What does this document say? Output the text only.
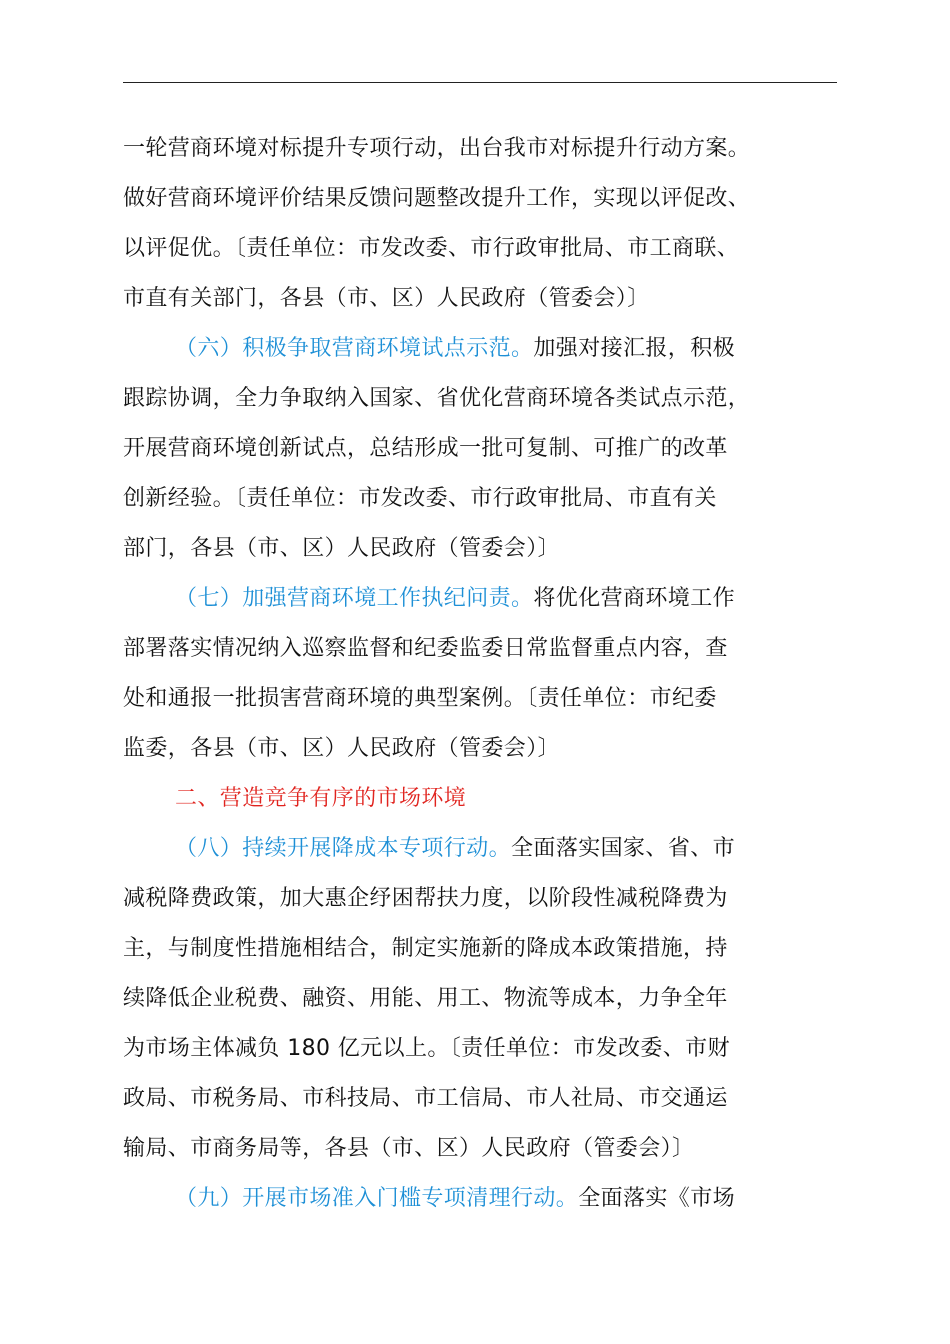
一轮营商环境对标提升专项行动，出台我市对标提升行动方案。
做好营商环境评价结果反馈问题整改提升工作，实现以评促改、
以评促优。〔责任单位：市发改委、市行政审批局、市工商联、
市直有关部门，各县（市、区）人民政府（管委会）〕
（六）积极争取营商环境试点示范。加强对接汇报，积极
跟踪协调，全力争取纳入国家、省优化营商环境各类试点示范，
开展营商环境创新试点，总结形成一批可复制、可推广的改革
创新经验。〔责任单位：市发改委、市行政审批局、市直有关
部门，各县（市、区）人民政府（管委会）〕
（七）加强营商环境工作执纪问责。将优化营商环境工作
部署落实情况纳入巡察监督和纪委监委日常监督重点内容，查
处和通报一批损害营商环境的典型案例。〔责任单位：市纪委
监委，各县（市、区）人民政府（管委会）〕
二、营造竞争有序的市场环境
（八）持续开展降成本专项行动。全面落实国家、省、市
减税降费政策，加大惠企纾困帮扶力度，以阶段性减税降费为
主，与制度性措施相结合，制定实施新的降成本政策措施，持
续降低企业税费、融资、用能、用工、物流等成本，力争全年
为市场主体减负 180 亿元以上。〔责任单位：市发改委、市财
政局、市税务局、市科技局、市工信局、市人社局、市交通运
输局、市商务局等，各县（市、区）人民政府（管委会）〕
（九）开展市场准入门槛专项清理行动。全面落实《市场
